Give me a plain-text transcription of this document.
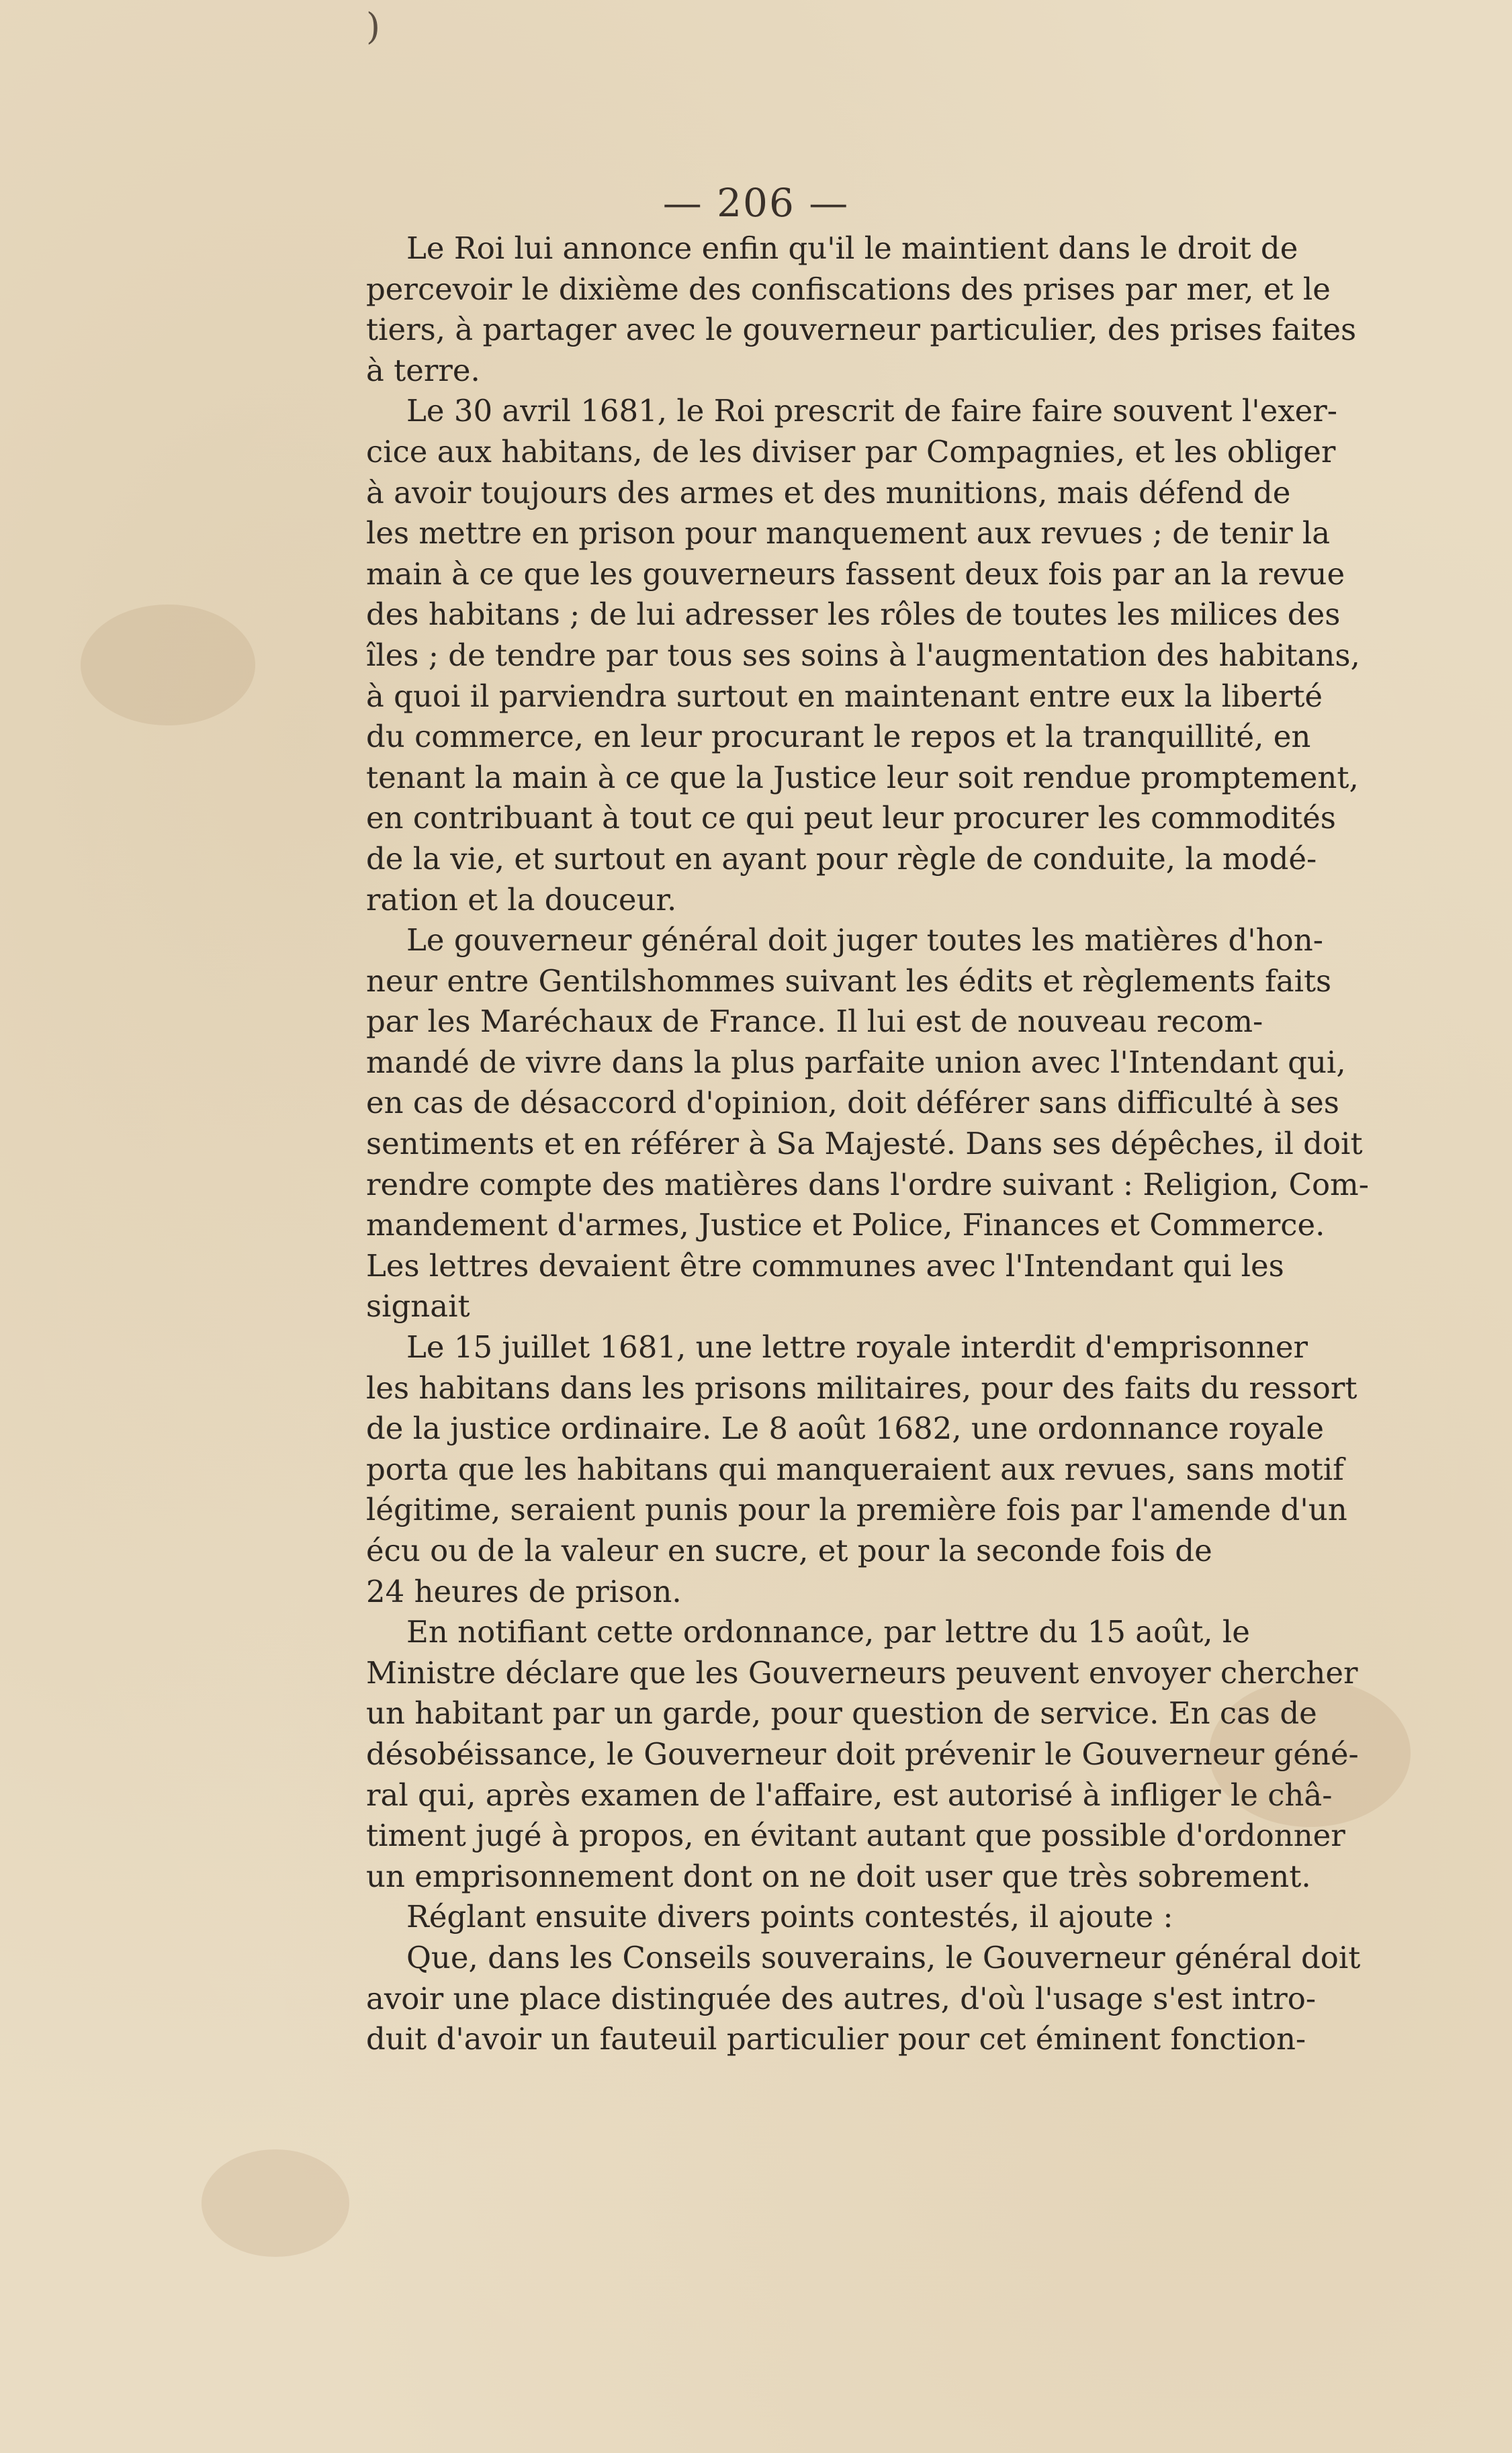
)
— 206 —

Le Roi lui annonce enfin qu'il le maintient dans le droit de
percevoir le dixième des confiscations des prises par mer, et le
tiers, à partager avec le gouverneur particulier, des prises faites
à terre.

Le 30 avril 1681, le Roi prescrit de faire faire souvent l'exer-
cice aux habitans, de les diviser par Compagnies, et les obliger
à avoir toujours des armes et des munitions, mais défend de
les mettre en prison pour manquement aux revues ; de tenir la
main à ce que les gouverneurs fassent deux fois par an la revue
des habitans ; de lui adresser les rôles de toutes les milices des
îles ; de tendre par tous ses soins à l'augmentation des habitans,
à quoi il parviendra surtout en maintenant entre eux la liberté
du commerce, en leur procurant le repos et la tranquillité, en
tenant la main à ce que la Justice leur soit rendue promptement,
en contribuant à tout ce qui peut leur procurer les commodités
de la vie, et surtout en ayant pour règle de conduite, la modé-
ration et la douceur.

Le gouverneur général doit juger toutes les matières d'hon-
neur entre Gentilshommes suivant les édits et règlements faits
par les Maréchaux de France. Il lui est de nouveau recom-
mandé de vivre dans la plus parfaite union avec l'Intendant qui,
en cas de désaccord d'opinion, doit déférer sans difficulté à ses
sentiments et en référer à Sa Majesté. Dans ses dépêches, il doit
rendre compte des matières dans l'ordre suivant : Religion, Com-
mandement d'armes, Justice et Police, Finances et Commerce.
Les lettres devaient être communes avec l'Intendant qui les
signait

Le 15 juillet 1681, une lettre royale interdit d'emprisonner
les habitans dans les prisons militaires, pour des faits du ressort
de la justice ordinaire. Le 8 août 1682, une ordonnance royale
porta que les habitans qui manqueraient aux revues, sans motif
légitime, seraient punis pour la première fois par l'amende d'un
écu ou de la valeur en sucre, et pour la seconde fois de
24 heures de prison.

En notifiant cette ordonnance, par lettre du 15 août, le
Ministre déclare que les Gouverneurs peuvent envoyer chercher
un habitant par un garde, pour question de service. En cas de
désobéissance, le Gouverneur doit prévenir le Gouverneur géné-
ral qui, après examen de l'affaire, est autorisé à infliger le châ-
timent jugé à propos, en évitant autant que possible d'ordonner
un emprisonnement dont on ne doit user que très sobrement.

Réglant ensuite divers points contestés, il ajoute :

Que, dans les Conseils souverains, le Gouverneur général doit
avoir une place distinguée des autres, d'où l'usage s'est intro-
duit d'avoir un fauteuil particulier pour cet éminent fonction-
